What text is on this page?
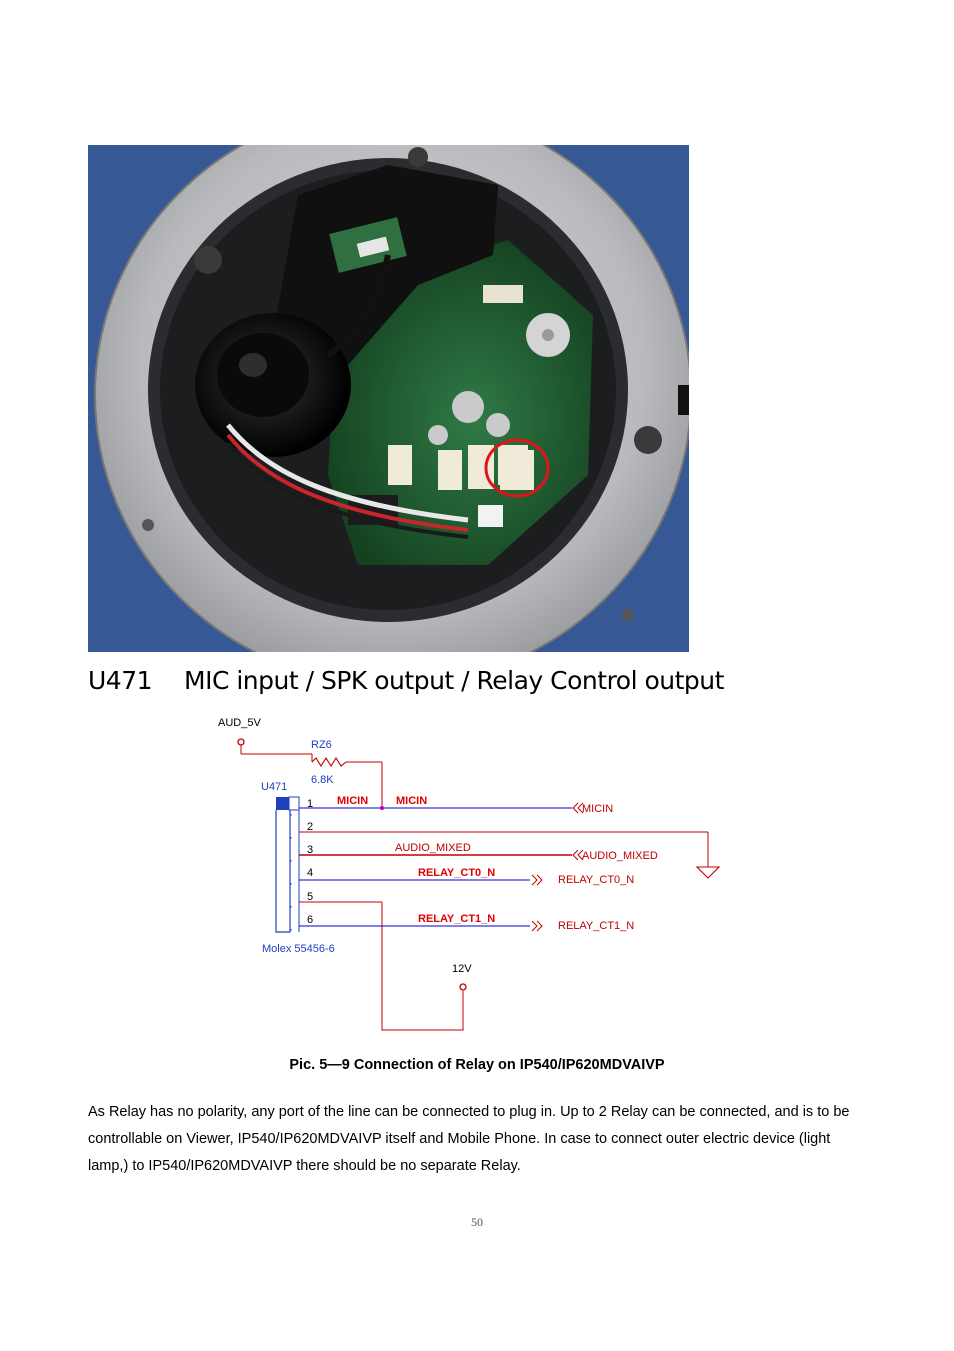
U471 MIC input / SPK output / Relay Control output
AUD_5V
RZ6
6.8K
U471
Molex 55456-6
1
2
3
4
5
6
MICIN	MICIN
MICIN
AUDIO_MIXED
AUDIO_MIXED
RELAY_CT0_N
RELAY_CT0_N
12V
RELAY_CT1_N
RELAY_CT1_N
Pic. 5—9 Connection of Relay on IP540/IP620MDVAIVP

As Relay has no polarity, any port of the line can be connected to plug in. Up to 2 Relay can be connected, and is to be controllable on Viewer, IP540/IP620MDVAIVP itself and Mobile Phone. In case to connect outer electric device (light lamp,) to IP540/IP620MDVAIVP there should be no separate Relay.

50
